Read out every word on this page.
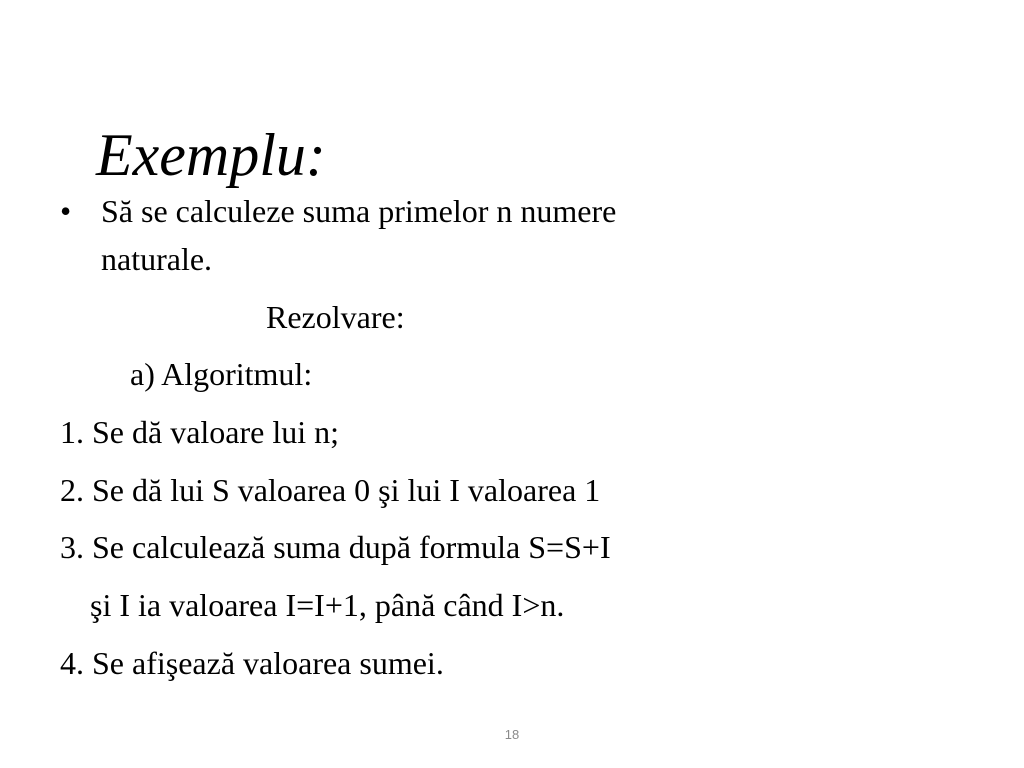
Exemplu:
• Să se calculeze suma primelor n numere
naturale.
Rezolvare:
a) Algoritmul:
1. Se dă valoare lui n;
2. Se dă lui S valoarea 0 şi lui I valoarea 1
3. Se calculează suma după formula S=S+I
şi I ia valoarea I=I+1, până când I>n.
4. Se afişează valoarea sumei.
18
